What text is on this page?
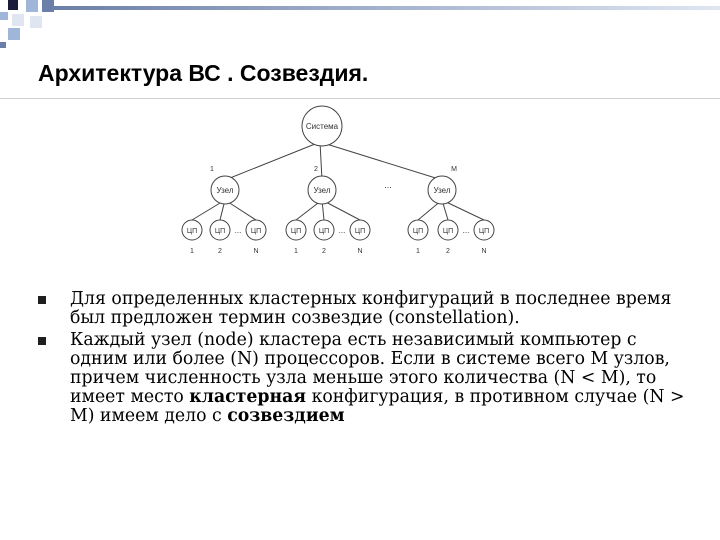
Архитектура ВС . Созвездия.
Система
Узел	Узел	Узел
ЦП	ЦП	ЦП	ЦП	ЦП	ЦП	ЦП	ЦП	ЦП
1	2	M
...
...	...	...
1	2	N	1	2	N	1	2	N

Для определенных кластерных конфигураций в последнее время был предложен термин созвездие (constellation).

Каждый узел (node) кластера есть независимый компьютер с одним или более (N) процессоров. Если в системе всего М узлов, причем численность узла меньше этого количества (N < M), то имеет место кластерная конфигурация, в противном случае (N > M) имеем дело с созвездием
